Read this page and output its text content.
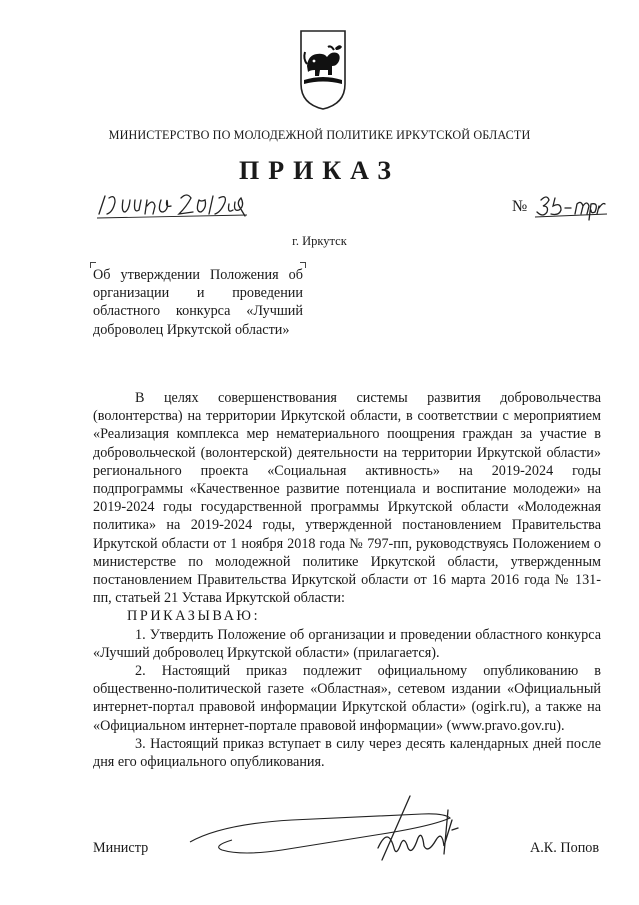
МИНИСТЕРСТВО ПО МОЛОДЕЖНОЙ ПОЛИТИКЕ ИРКУТСКОЙ ОБЛАСТИ
ПРИКАЗ
№
г. Иркутск
Об утверждении Положения об организации и проведении областного конкурса «Лучший доброволец Иркутской области»

В целях совершенствования системы развития добровольчества (волонтерства) на территории Иркутской области, в соответствии с мероприятием «Реализация комплекса мер нематериального поощрения граждан за участие в добровольческой (волонтерской) деятельности на территории Иркутской области» регионального проекта «Социальная активность» на 2019-2024 годы подпрограммы «Качественное развитие потенциала и воспитание молодежи» на 2019-2024 годы государственной программы Иркутской области «Молодежная политика» на 2019-2024 годы, утвержденной постановлением Правительства Иркутской области от 1 ноября 2018 года № 797-пп, руководствуясь Положением о министерстве по молодежной политике Иркутской области, утвержденным постановлением Правительства Иркутской области от 16 марта 2016 года № 131-пп, статьей 21 Устава Иркутской области:

ПРИКАЗЫВАЮ:

1. Утвердить Положение об организации и проведении областного конкурса «Лучший доброволец Иркутской области» (прилагается).

2. Настоящий приказ подлежит официальному опубликованию в общественно-политической газете «Областная», сетевом издании «Официальный интернет-портал правовой информации Иркутской области» (ogirk.ru), а также на «Официальном интернет-портале правовой информации» (www.pravo.gov.ru).

3. Настоящий приказ вступает в силу через десять календарных дней после дня его официального опубликования.

Министр	А.К. Попов
